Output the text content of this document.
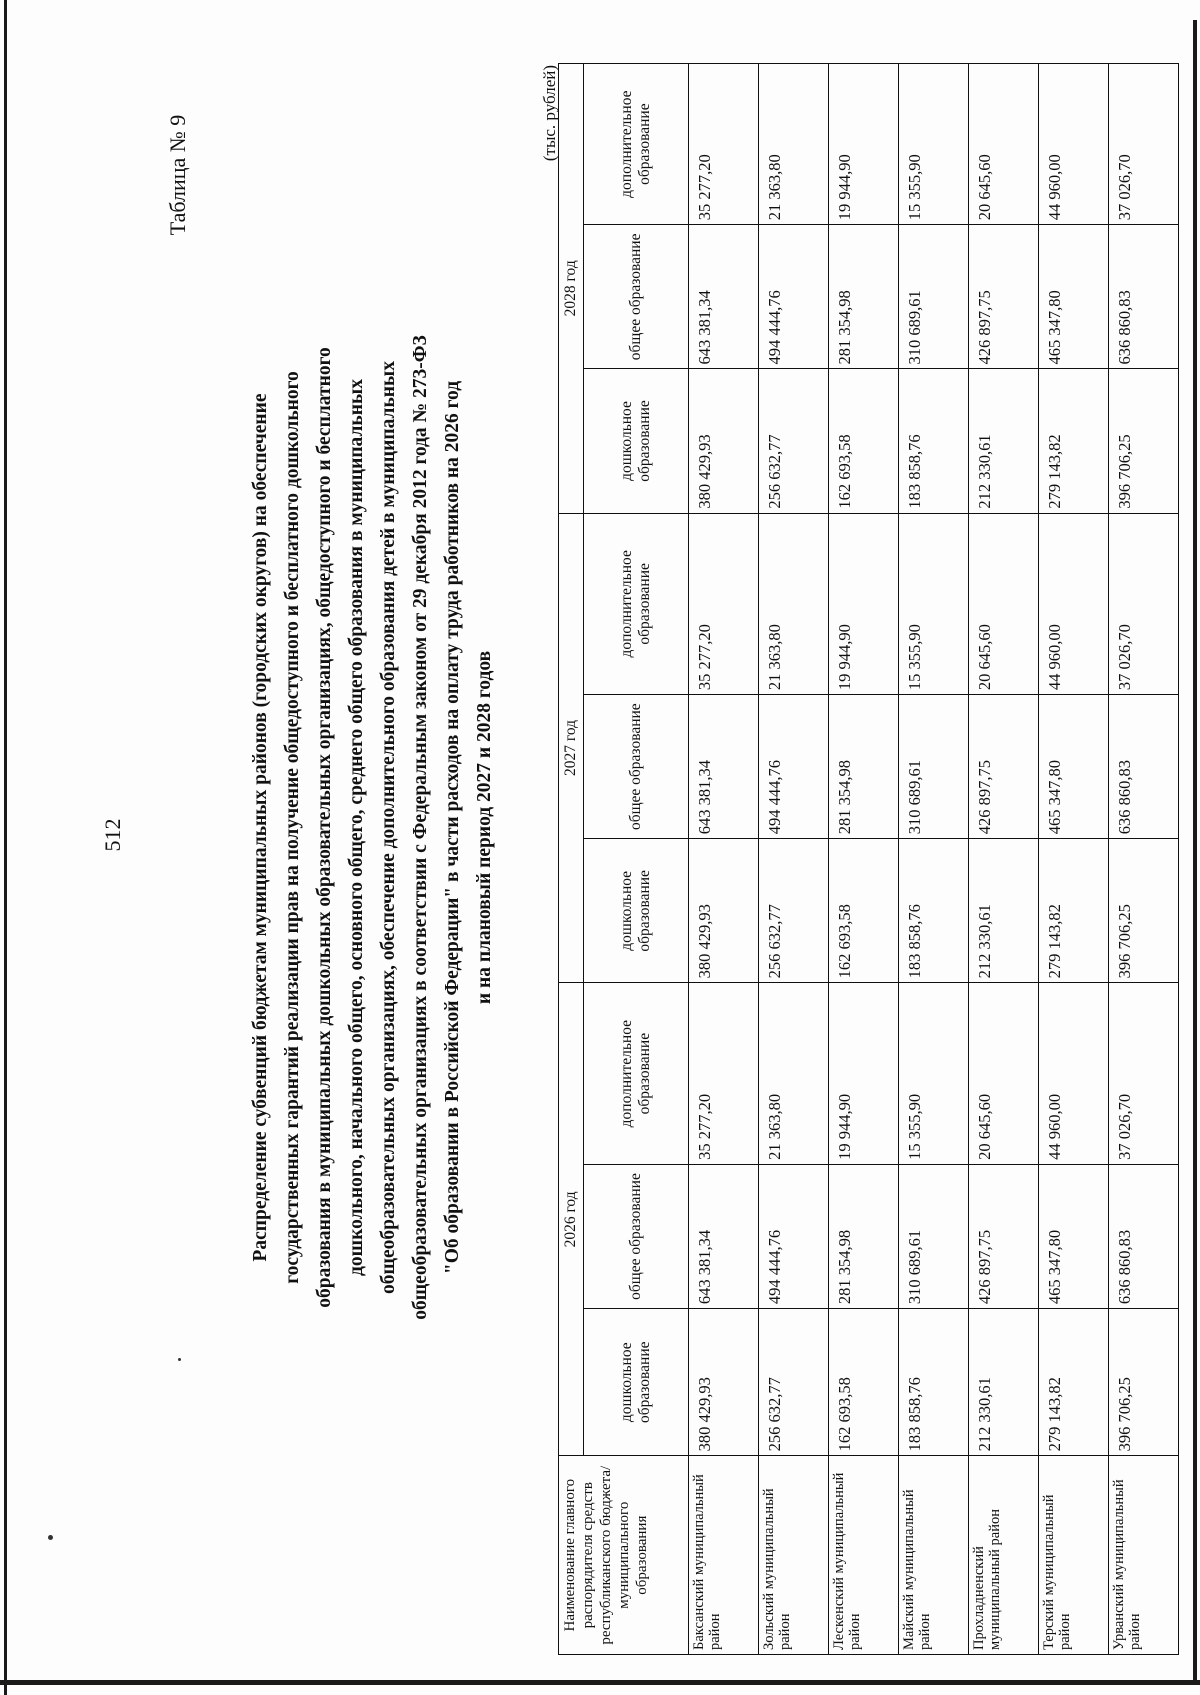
512
Таблица № 9
Распределение субвенций бюджетам муниципальных районов (городских округов) на обеспечение государственных гарантий реализации прав на получение общедоступного и бесплатного дошкольного образования в муниципальных дошкольных образовательных организациях, общедоступного и бесплатного дошкольного, начального общего, основного общего, среднего общего образования в муниципальных общеобразовательных организациях, обеспечение дополнительного образования детей в муниципальных общеобразовательных организациях в соответствии с Федеральным законом от 29 декабря 2012 года № 273-ФЗ "Об образовании в Российской Федерации" в части расходов на оплату труда работников на 2026 год и на плановый период 2027 и 2028 годов
(тыс. рублей)
Наименование главного распорядителя средств республиканского бюджета/муниципального образования	2026 год			2027 год			2028 год		
	дошкольное образование	общее образование	дополнительное образование	дошкольное образование	общее образование	дополнительное образование	дошкольное образование	общее образование	дополнительное образование
Баксанский муниципальный район	380 429,93	643 381,34	35 277,20	380 429,93	643 381,34	35 277,20	380 429,93	643 381,34	35 277,20
Зольский муниципальный район	256 632,77	494 444,76	21 363,80	256 632,77	494 444,76	21 363,80	256 632,77	494 444,76	21 363,80
Лескенский муниципальный район	162 693,58	281 354,98	19 944,90	162 693,58	281 354,98	19 944,90	162 693,58	281 354,98	19 944,90
Майский муниципальный район	183 858,76	310 689,61	15 355,90	183 858,76	310 689,61	15 355,90	183 858,76	310 689,61	15 355,90
Прохладненский муниципальный район	212 330,61	426 897,75	20 645,60	212 330,61	426 897,75	20 645,60	212 330,61	426 897,75	20 645,60
Терский муниципальный район	279 143,82	465 347,80	44 960,00	279 143,82	465 347,80	44 960,00	279 143,82	465 347,80	44 960,00
Урванский муниципальный район	396 706,25	636 860,83	37 026,70	396 706,25	636 860,83	37 026,70	396 706,25	636 860,83	37 026,70
